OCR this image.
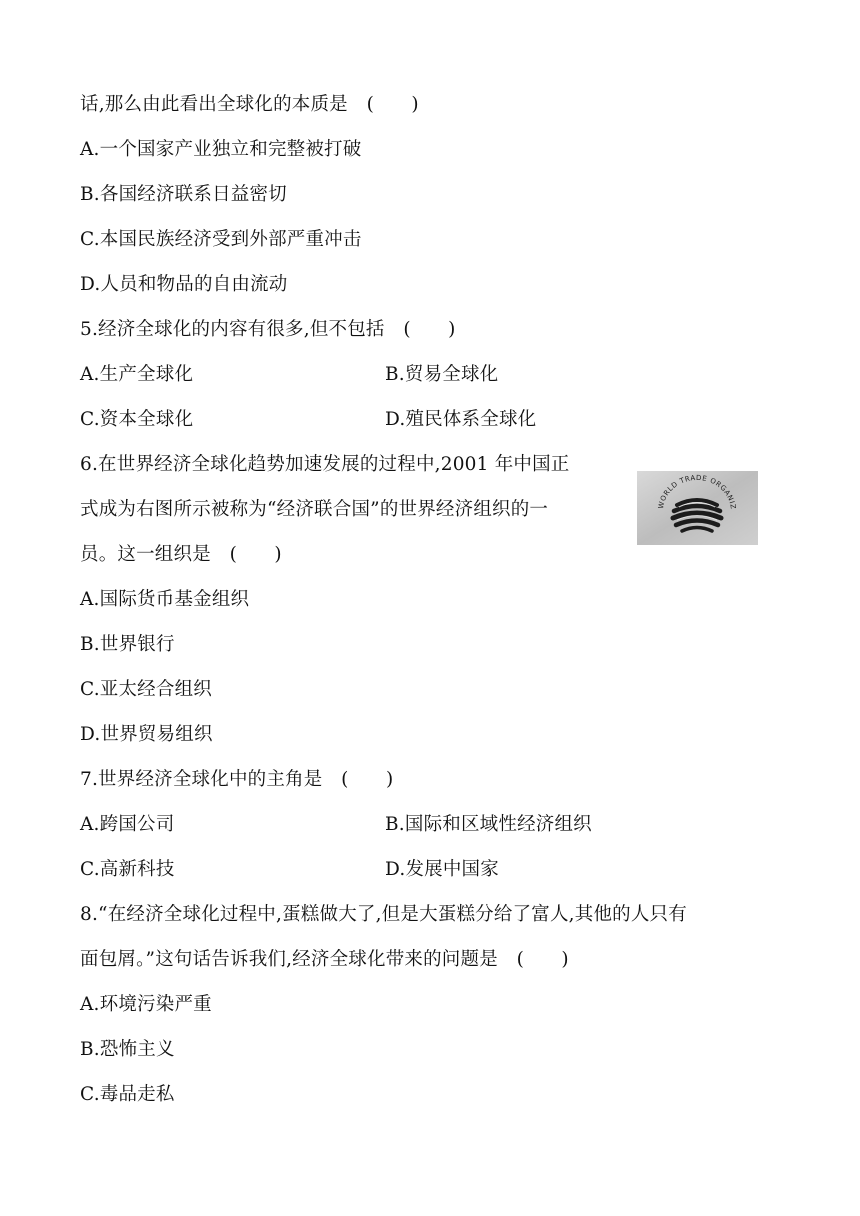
话,那么由此看出全球化的本质是　(　　)
A.一个国家产业独立和完整被打破
B.各国经济联系日益密切
C.本国民族经济受到外部严重冲击
D.人员和物品的自由流动
5.经济全球化的内容有很多,但不包括　(　　)
A.生产全球化	B.贸易全球化
C.资本全球化	D.殖民体系全球化
6.在世界经济全球化趋势加速发展的过程中,2001 年中国正
式成为右图所示被称为“经济联合国”的世界经济组织的一
员。这一组织是　(　　)
WORLD TRADE ORGANIZ
A.国际货币基金组织
B.世界银行
C.亚太经合组织
D.世界贸易组织
7.世界经济全球化中的主角是　(　　)
A.跨国公司	B.国际和区域性经济组织
C.高新科技	D.发展中国家
8.“在经济全球化过程中,蛋糕做大了,但是大蛋糕分给了富人,其他的人只有
面包屑。”这句话告诉我们,经济全球化带来的问题是　(　　)
A.环境污染严重
B.恐怖主义
C.毒品走私
